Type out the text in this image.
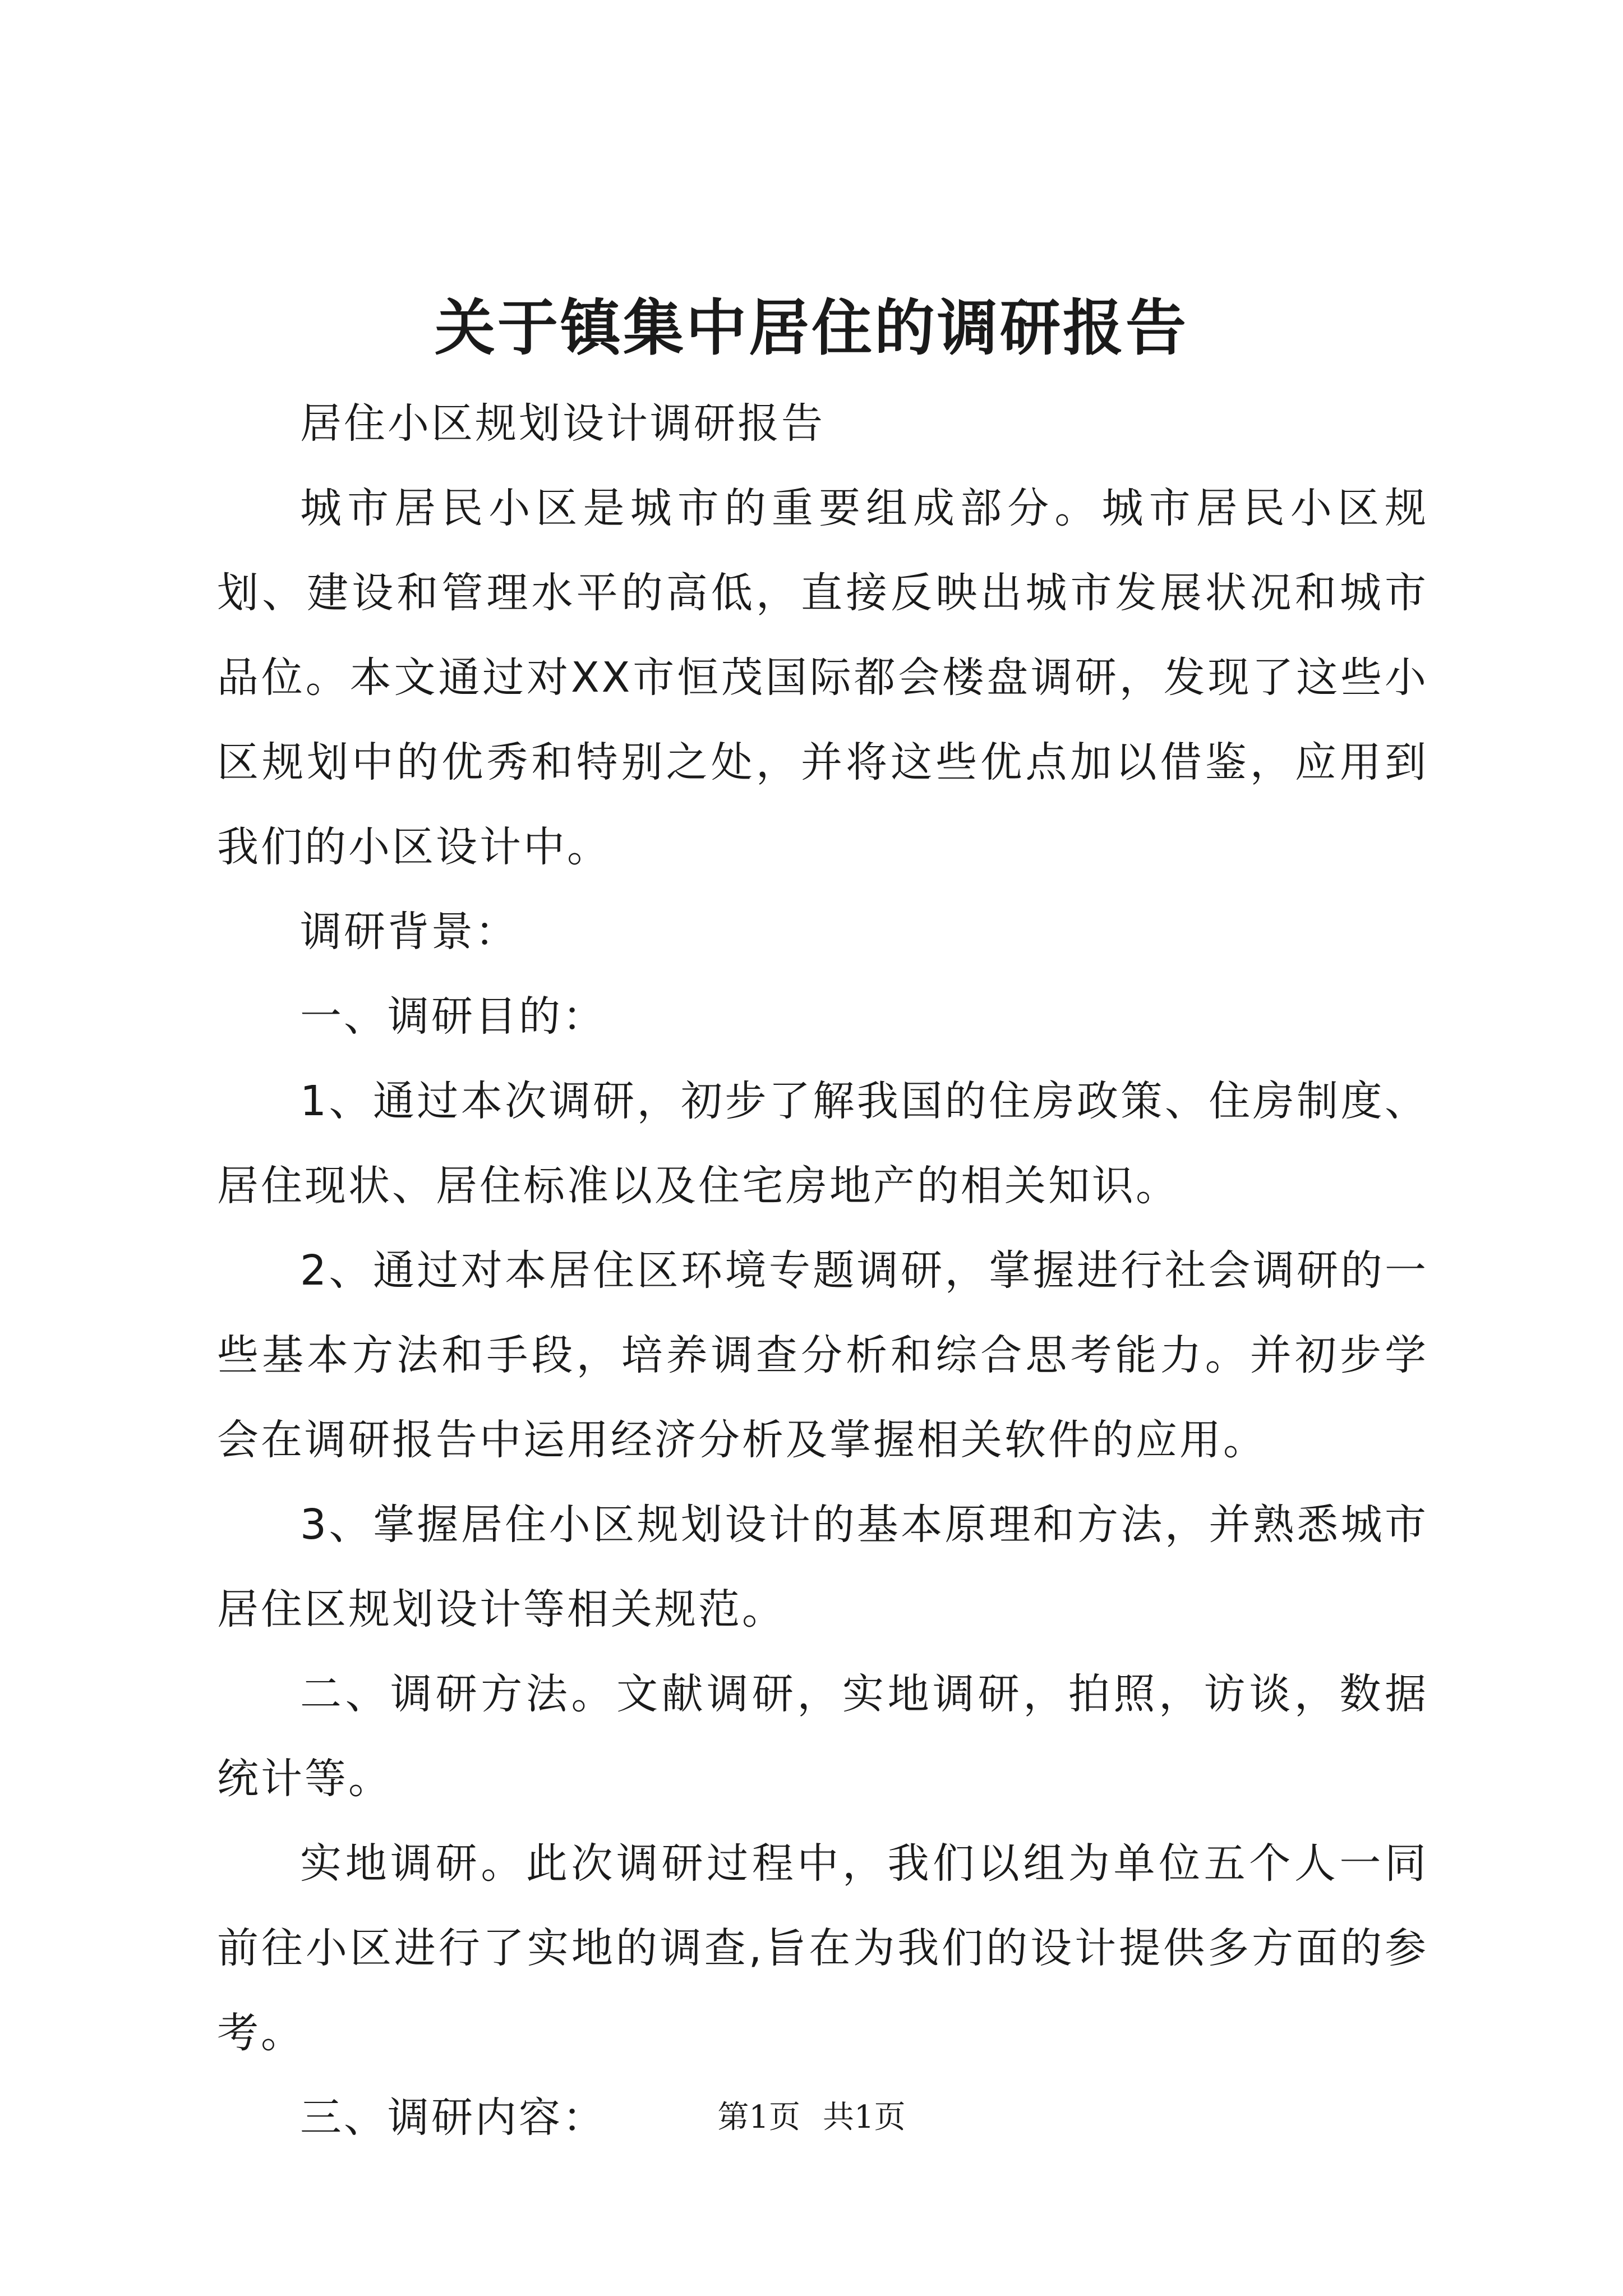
关于镇集中居住的调研报告

居住小区规划设计调研报告

城市居民小区是城市的重要组成部分。城市居民小区规划、建设和管理水平的高低，直接反映出城市发展状况和城市品位。本文通过对XX市恒茂国际都会楼盘调研，发现了这些小区规划中的优秀和特别之处，并将这些优点加以借鉴，应用到我们的小区设计中。

调研背景：

一、调研目的：

1、通过本次调研，初步了解我国的住房政策、住房制度、居住现状、居住标准以及住宅房地产的相关知识。

2、通过对本居住区环境专题调研，掌握进行社会调研的一些基本方法和手段，培养调查分析和综合思考能力。并初步学会在调研报告中运用经济分析及掌握相关软件的应用。

3、掌握居住小区规划设计的基本原理和方法，并熟悉城市居住区规划设计等相关规范。

二、调研方法。文献调研，实地调研，拍照，访谈，数据统计等。

实地调研。此次调研过程中，我们以组为单位五个人一同前往小区进行了实地的调查,旨在为我们的设计提供多方面的参考。

三、调研内容：	第1页 共1页
